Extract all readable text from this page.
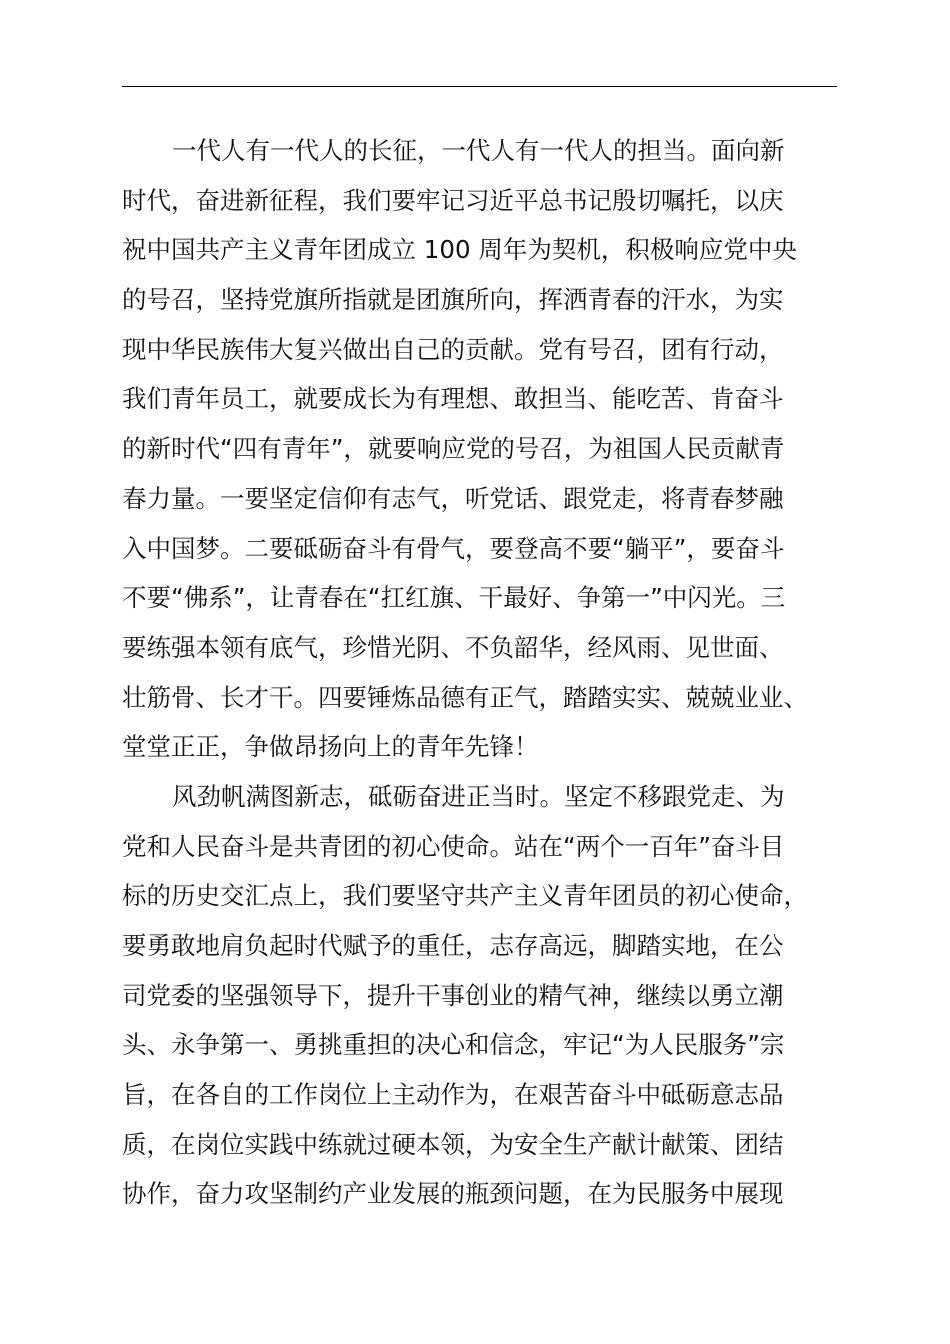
一代人有一代人的长征，一代人有一代人的担当。面向新
时代，奋进新征程，我们要牢记习近平总书记殷切嘱托，以庆
祝中国共产主义青年团成立 100 周年为契机，积极响应党中央
的号召，坚持党旗所指就是团旗所向，挥洒青春的汗水，为实
现中华民族伟大复兴做出自己的贡献。党有号召，团有行动，
我们青年员工，就要成长为有理想、敢担当、能吃苦、肯奋斗
的新时代“四有青年”，就要响应党的号召，为祖国人民贡献青
春力量。一要坚定信仰有志气，听党话、跟党走，将青春梦融
入中国梦。二要砥砺奋斗有骨气，要登高不要“躺平”，要奋斗
不要“佛系”，让青春在“扛红旗、干最好、争第一”中闪光。三
要练强本领有底气，珍惜光阴、不负韶华，经风雨、见世面、
壮筋骨、长才干。四要锤炼品德有正气，踏踏实实、兢兢业业、
堂堂正正，争做昂扬向上的青年先锋！
风劲帆满图新志，砥砺奋进正当时。坚定不移跟党走、为
党和人民奋斗是共青团的初心使命。站在“两个一百年”奋斗目
标的历史交汇点上，我们要坚守共产主义青年团员的初心使命，
要勇敢地肩负起时代赋予的重任，志存高远，脚踏实地，在公
司党委的坚强领导下，提升干事创业的精气神，继续以勇立潮
头、永争第一、勇挑重担的决心和信念，牢记“为人民服务”宗
旨，在各自的工作岗位上主动作为，在艰苦奋斗中砥砺意志品
质，在岗位实践中练就过硬本领，为安全生产献计献策、团结
协作，奋力攻坚制约产业发展的瓶颈问题，在为民服务中展现
